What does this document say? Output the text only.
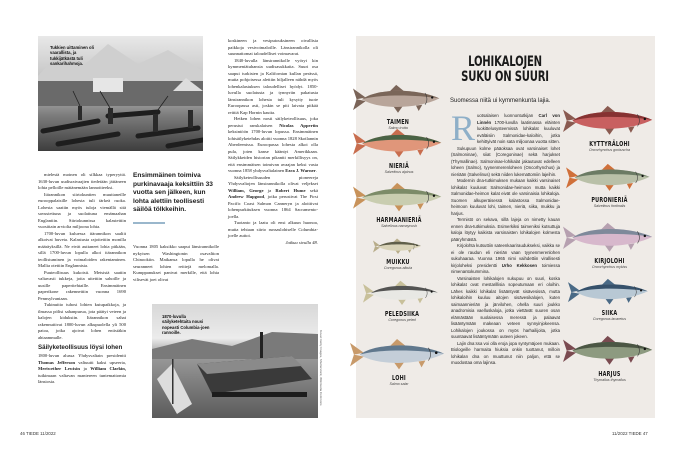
Tukkien uittaminen oli vaarallista, ja tukkijätkästä tuli sankarihahmoja.

mielestä moinen oli silkkaa typeryyttä. 1630-luvun uudisraivaajien tiedetään jättäneen lohia pelloille mätänemään lannoitteeksi.

Itärannikon siirtokuntien muuttaneille eurooppalaisille lohesta tuli tärkeä ruoka. Lohesta saatiin myös tuloja viemällä sitä savustettuna ja suolattuna emämaahan Englantiin. Siirtokunnissa kalastettiin vuosittain arviolta miljoona lohta.

1700-luvun kuluessa itärannikon saaliit alkoivat huveta. Kalastusta rajoitettiin monilla määräyksillä. Ne eivät auttaneet lohia pitkään, sillä 1700-luvun lopulla alkoi itärannikon teollistuminen ja voimaloiden rakentaminen. Mallia otettiin Englannista.

Puuteollisuus kukoisti. Metsistä saatiin valtavasti tukkeja, joita uitettiin sahoille ja uusille paperitehtaille. Ensimmäinen paperikone rakennettiin vuonna 1690 Pennsylvaniaan.

Tukinuitto tuhosi lohien kutupaikkoja, ja ilmassa pölisi sahanpurua, jota päätyi veteen ja kalojen kiduksiin. Itärannikon sahat rakennuttivat 1800-luvun alkupuolella yli 500 patoa, jotka ajoivat lohen entistäkin ahtaammalle.

Säilyketeollisuus löysi lohen

1800-luvun alussa Yhdysvaltain presidentti Thomas Jefferson valtuutti kaksi upseeria, Meriwether Lewisin ja William Clarkin, tutkimaan valtavan mantereen tuntemattomia länsiosia.

Ensimmäinen toimiva purkinavaaja keksittiin 33 vuotta sen jälkeen, kun lohta alettiin teollisesti säilöä tölkkeihin.

Vuonna 1805 kaksikko saapui länsirannikolle nykyisen Washingtonin osavaltion Chinookiin. Matkansa lopulla he olivat seuranneet lohien reittejä melomalla. Kumppanukset panivat merkille, että lohia vilisevät joet olivat

koskineen ja vesiputouksineen oivallisia paikkoja vesivoimaloille. Länsirannikolla oli suunnattomat taloudelliset voimavarat.

1840-luvulla länsirannikolle vyöryi kin kymmeniätuhansia uudisasukkaita. Suuri osa saapui turkisten ja Kalifornian kullan perässä, mutta pohjoisessa alettiin hiljalleen nähdä myös lohenkalastuksen taloudelliset hyödyt. 1850-luvulla suolatusta ja tynnyriin pakatusta länsirannikon lohesta tuli kysytty tuote Euroopassa asti, joskin se piti laivata pitkää reittiä Kap Hornin kautta.

Hetken lohen nosti säilyketeollisuus, joka perustui ranskalaisen Nicolas Appertin keksintöön 1700-luvun lopussa. Ensimmäinen lohisäilyketehdas aloitti vuonna 1828 Skotlannin Aberdeenissa. Euroopassa lohesta alkoi olla pula, joten kanse kääntyi Amerikkaan. Säilykkeiden historian pikantti merkillisyys on, että ensimmäisen toimivan avaajan keksi vasta vuonna 1858 yhdysvaltalainen Ezra J. Warner.

Säilyketeollisuuden pioneereja Yhdysvaltojen länsirannikolla olivat veljekset William, George ja Robert Hume sekä Andrew Hapgood, jotka perustivat The First Pacific Coast Salmon Canneryn ja aloittivat lohenpurkituksen vuonna 1864 Sacramento-joella.

Tuotanto ja laatu oli ensi alkuun huonoa, mutta tehtaan siirto runsaslohiselle Columbia-joelle auttoi.

Jatkuu sivulla 48.
1870-luvulla säilyketehtaita nousi nopeasti Columbia-joen rannoille.	Kuvat: Getty Images, Shutterstock, Wikimedia Commons
46 TIEDE 11/2022
LOHIKALOJEN SUKU ON SUURI
Suomessa niitä ui kymmenkunta lajia.
R uotsalaisen luonnontutkijan Carl von Linnén 1700-luvulla laatimassa eläinten luokittelusysteemissä lohikalat kuuluvat eväläisiin Salmonidae-kaloihin, jotka kehittyivät noin sata miljoonaa vuotta sitten.

Sukupuun kolme pääoksaa ovat varsinaiset lohet (Salmoninae), siiat (Coregoninae) sekä harjukset (Thymallinae). Salmoninae-lohikalat jakautuvat edelleen loheen (Salmo), tyynenmerenloheen (Oncorhynchus) ja nieriään (Salvelinus) sekä niiden lukemattomiin lajeihin.

Modernin dna-tutkimuksen mukaan kaikki varsinaiset lohikalat kuuluvat Salmonidae-heimoon mutta kaikki Salmonidae-heimon kalat eivät ole varsinaisia lohikaloja. Suomen alkuperäisessä kalastossa Salmonidae-heimoon kuuluvat lohi, taimen, nieriä, siika, muikku ja harjus.

Termistö on sekava, sillä lajeja on nimetty kauan ennen dna-tutkimuksia. Esimerkiksi taimeniksi kutsuttuja kaloja löytyy kaikista varsinaisten lohikalojen kolmesta pääryhmästä.

Kirjolohta kutsuttiin sateenkaariraudukseksi, vaikka se ei ole raudun eli nieriän vaan tyynenmerenlohen sukuhaaraa. Vuonna 1965 nimi vaihdettiin virallisesti kirjoloheksi presidentti Urho Kekkosen toimiessa nimenantokummina.

Varsinaisten lohikalojen sukupuu on suuri, koska lohikalat ovat mestarillisia sopeutumaan eri oloihin. Lähes kaikki lohikalat lisääntyvät sisävesissä, mutta lohikaloihin kuuluu aitojen sisävesikalojen, kuten saimaannieriän ja järvilohen, ohella suuri joukko anadromisia vaelluskaloja, jotka viettävät suuren osan elämästään suolaisessa meressä ja palaavat lisääntymään makeaan veteen synnyinjokeensa. Lohikalojen joukossa on myös harhailijoita, jotka suuntaavat lisääntymään uuteen jokeen.

Lajin dna:ssa voi olla eroja jopa syntymäjoen mukaan. Biologeille harmaita hiuksia onkin tuottanut, milloin lohikalan dna on muuttunut niin paljon, että se muodostaa oma lajinsa.

11/2022 TIEDE 47
TAIMEN
Salmo trutta
NIERIÄ
Salvelinus alpinus
HARMAANIERIÄ
Salvelinus namaycush
MUIKKU
Coregonus albula
PELEDSIIKA
Coregonus peled
LOHI
Salmo salar
KYTTYRÄLOHI
Oncorhynchus gorbuscha
PURONIERIÄ
Salvelinus fontinalis
KIRJOLOHI
Oncorhynchus mykiss
SIIKA
Coregonus lavaretus
HARJUS
Thymallus thymallus
